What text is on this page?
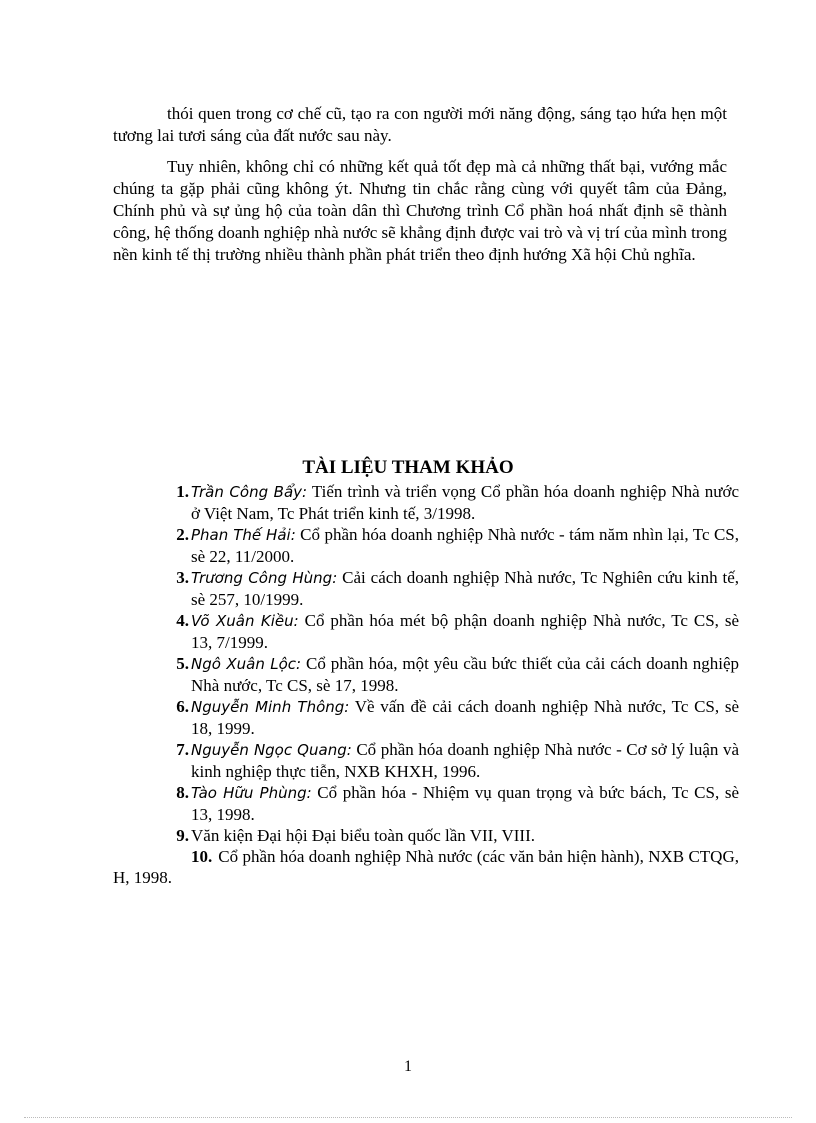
thói quen trong cơ chế cũ, tạo ra con người mới năng động, sáng tạo hứa hẹn một tương lai tươi sáng của đất nước sau này.

Tuy nhiên, không chỉ có những kết quả tốt đẹp mà cả những thất bại, vướng mắc chúng ta gặp phải cũng không ýt. Nhưng tin chắc rằng cùng với quyết tâm của Đảng, Chính phủ và sự ủng hộ của toàn dân thì Chương trình Cổ phần hoá nhất định sẽ thành công, hệ thống doanh nghiệp nhà nước sẽ khẳng định được vai trò và vị trí của mình trong nền kinh tế thị trường nhiều thành phần phát triển theo định hướng Xã hội Chủ nghĩa.

TÀI LIỆU THAM KHẢO
1. Trần Công Bẩy: Tiến trình và triển vọng Cổ phần hóa doanh nghiệp Nhà nước ở Việt Nam, Tc Phát triển kinh tế, 3/1998.
2. Phan Thế Hải: Cổ phần hóa doanh nghiệp Nhà nước - tám năm nhìn lại, Tc CS, sè 22, 11/2000.
3. Trương Công Hùng: Cải cách doanh nghiệp Nhà nước, Tc Nghiên cứu kinh tế, sè 257, 10/1999.
4. Võ Xuân Kiều: Cổ phần hóa mét bộ phận doanh nghiệp Nhà nước, Tc CS, sè 13, 7/1999.
5. Ngô Xuân Lộc: Cổ phần hóa, một yêu cầu bức thiết của cải cách doanh nghiệp Nhà nước, Tc CS, sè 17, 1998.
6. Nguyễn Minh Thông: Về vấn đề cải cách doanh nghiệp Nhà nước, Tc CS, sè 18, 1999.
7. Nguyễn Ngọc Quang: Cổ phần hóa doanh nghiệp Nhà nước - Cơ sở lý luận và kinh nghiệp thực tiễn, NXB KHXH, 1996.
8. Tào Hữu Phùng: Cổ phần hóa - Nhiệm vụ quan trọng và bức bách, Tc CS, sè 13, 1998.
9. Văn kiện Đại hội Đại biểu toàn quốc lần VII, VIII.
10. Cổ phần hóa doanh nghiệp Nhà nước (các văn bản hiện hành), NXB CTQG, H, 1998.

1
